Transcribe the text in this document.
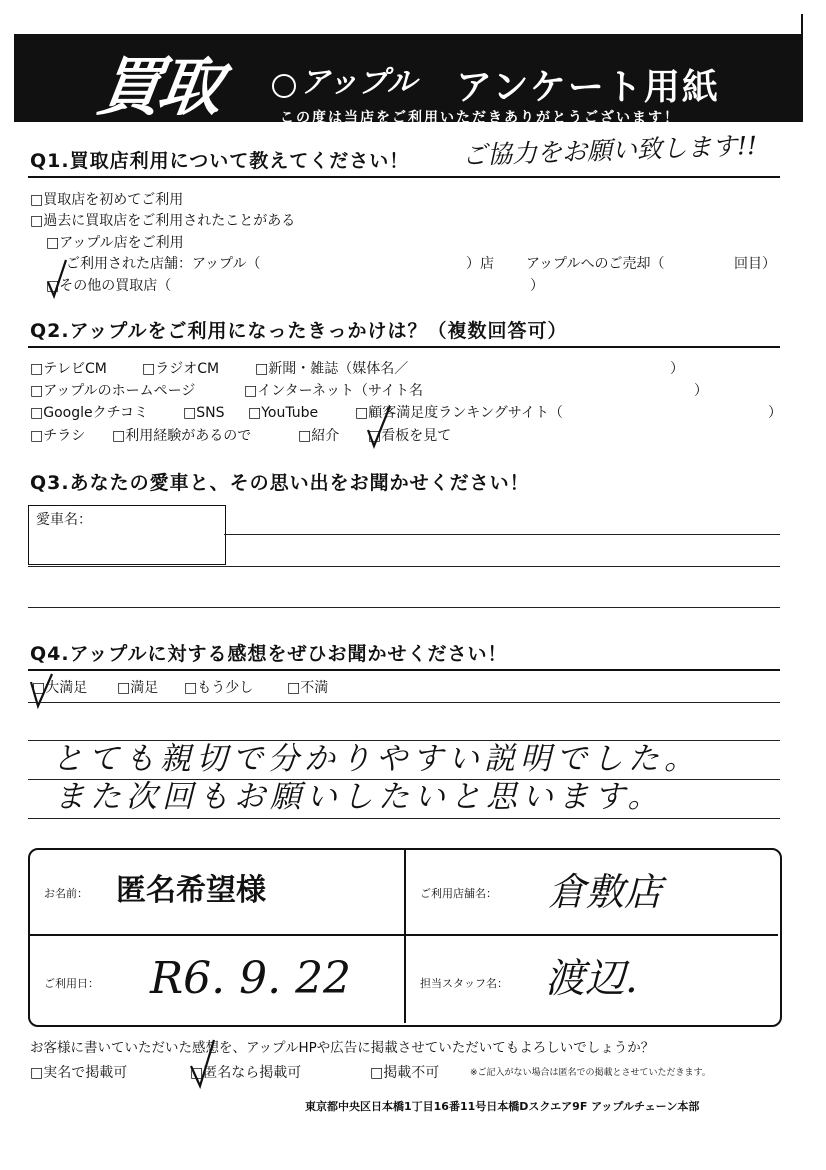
買取	アップル アンケート用紙
この度は当店をご利用いただきありがとうございます！
Q1.買取店利用について教えてください！ ご協力をお願い致します!!
□買取店を初めてご利用
□過去に買取店をご利用されたことがある
□アップル店をご利用
ご利用された店舗：アップル（	）店 アップルへのご売却（	回目）
□その他の買取店（	）
Q2.アップルをご利用になったきっかけは？（複数回答可）
□テレビCM	□ラジオCM	□新聞・雑誌（媒体名／	）
□アップルのホームページ	□インターネット（サイト名	）
□Googleクチコミ □SNS □YouTube	□顧客満足度ランキングサイト（	）
□チラシ □利用経験があるので	□紹介 □看板を見て
Q3.あなたの愛車と、その思い出をお聞かせください！
愛車名：
Q4.アップルに対する感想をぜひお聞かせください！
□大満足 □満足 □もう少し □不満
とても親切で分かりやすい説明でした。
また次回もお願いしたいと思います。
お名前： 匿名希望様	ご利用店舗名： 倉敷店
ご利用日： R6. 9. 22	担当スタッフ名： 渡辺.
お客様に書いていただいた感想を、アップルHPや広告に掲載させていただいてもよろしいでしょうか？
□実名で掲載可	□匿名なら掲載可	□掲載不可	※ご記入がない場合は匿名での掲載とさせていただきます。
東京都中央区日本橋1丁目16番11号日本橋Dスクエア9F アップルチェーン本部
